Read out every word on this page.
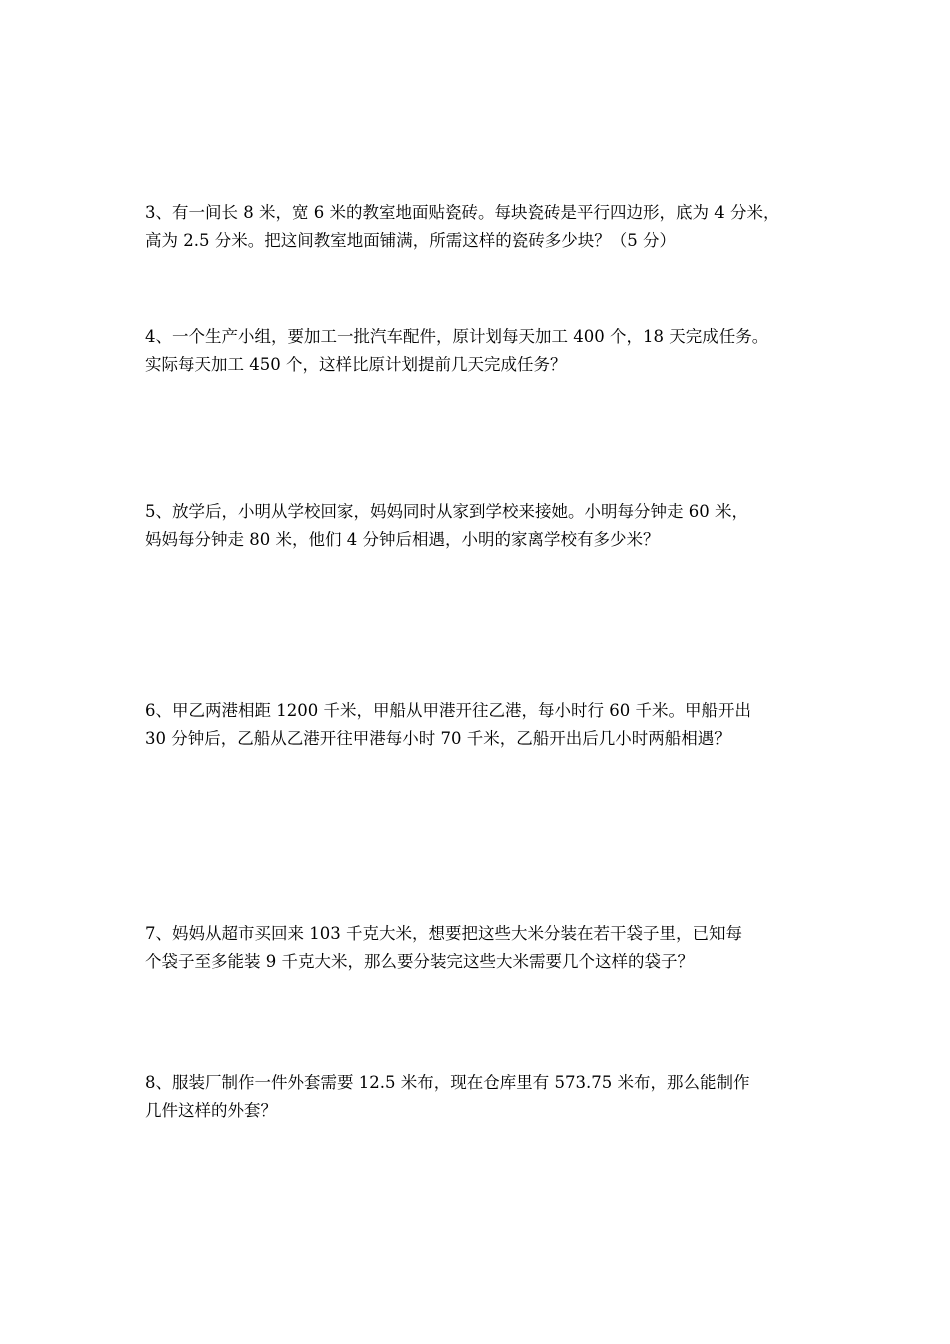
3、有一间长 8 米，宽 6 米的教室地面贴瓷砖。每块瓷砖是平行四边形，底为 4 分米，
高为 2.5 分米。把这间教室地面铺满，所需这样的瓷砖多少块？（5 分）
4、一个生产小组，要加工一批汽车配件，原计划每天加工 400 个，18 天完成任务。
实际每天加工 450 个，这样比原计划提前几天完成任务？
5、放学后，小明从学校回家，妈妈同时从家到学校来接她。小明每分钟走 60 米，
妈妈每分钟走 80 米，他们 4 分钟后相遇，小明的家离学校有多少米？
6、甲乙两港相距 1200 千米，甲船从甲港开往乙港，每小时行 60 千米。甲船开出
30 分钟后，乙船从乙港开往甲港每小时 70 千米，乙船开出后几小时两船相遇？
7、妈妈从超市买回来 103 千克大米，想要把这些大米分装在若干袋子里，已知每
个袋子至多能装 9 千克大米，那么要分装完这些大米需要几个这样的袋子？
8、服装厂制作一件外套需要 12.5 米布，现在仓库里有 573.75 米布，那么能制作
几件这样的外套？
